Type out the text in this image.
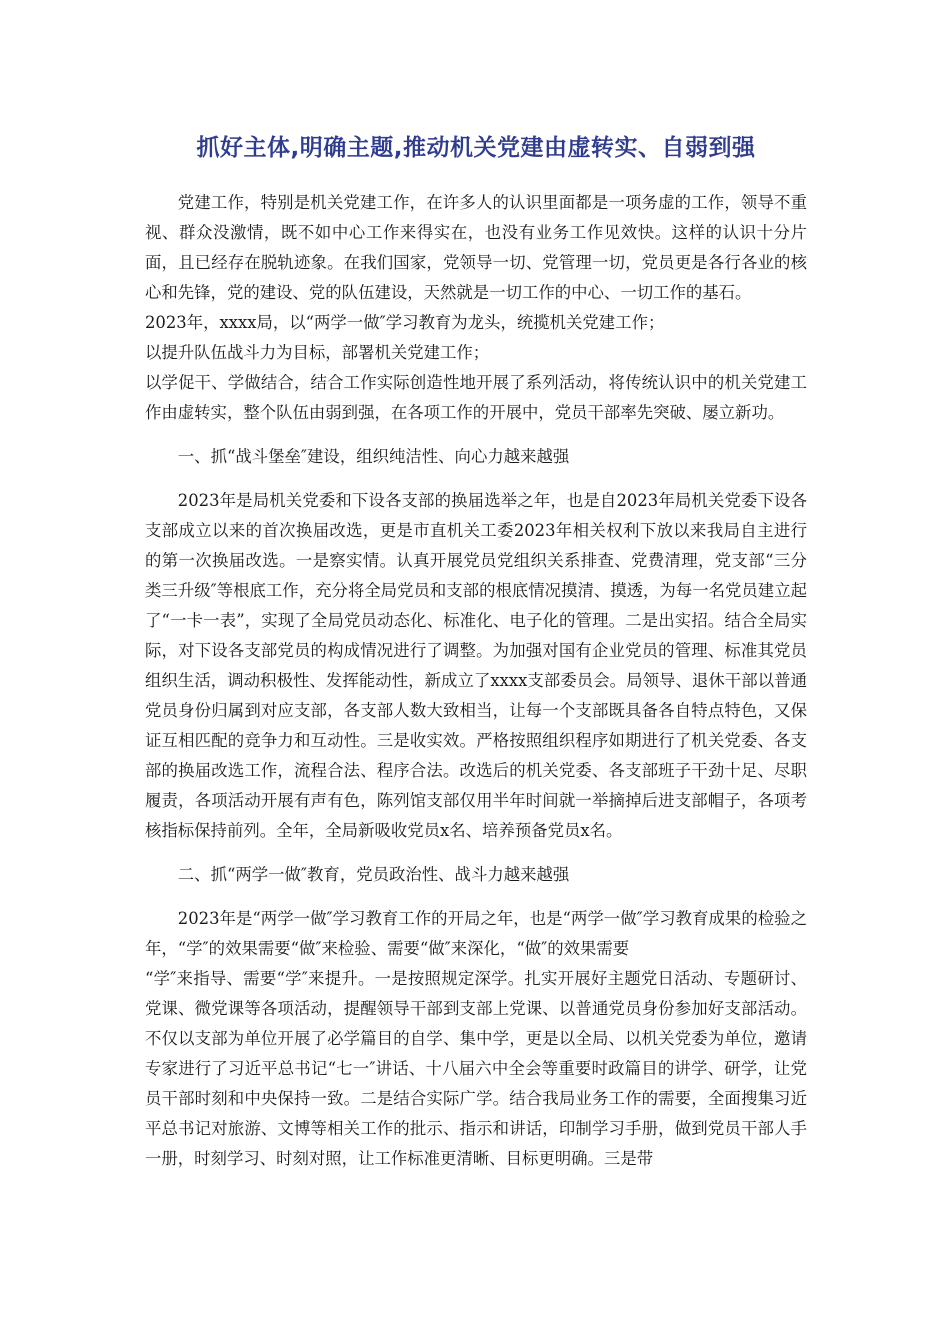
抓好主体,明确主题,推动机关党建由虚转实、自弱到强

党建工作，特别是机关党建工作，在许多人的认识里面都是一项务虚的工作，领导不重视、群众没激情，既不如中心工作来得实在，也没有业务工作见效快。这样的认识十分片面，且已经存在脱轨迹象。在我们国家，党领导一切、党管理一切，党员更是各行各业的核心和先锋，党的建设、党的队伍建设，天然就是一切工作的中心、一切工作的基石。

2023年，xxxx局，以“两学一做″学习教育为龙头，统揽机关党建工作；

以提升队伍战斗力为目标，部署机关党建工作；

以学促干、学做结合，结合工作实际创造性地开展了系列活动，将传统认识中的机关党建工作由虚转实，整个队伍由弱到强，在各项工作的开展中，党员干部率先突破、屡立新功。

一、抓“战斗堡垒″建设，组织纯洁性、向心力越来越强

2023年是局机关党委和下设各支部的换届选举之年，也是自2023年局机关党委下设各支部成立以来的首次换届改选，更是市直机关工委2023年相关权利下放以来我局自主进行的第一次换届改选。一是察实情。认真开展党员党组织关系排查、党费清理，党支部“三分类三升级″等根底工作，充分将全局党员和支部的根底情况摸清、摸透，为每一名党员建立起了“一卡一表”，实现了全局党员动态化、标准化、电子化的管理。二是出实招。结合全局实际，对下设各支部党员的构成情况进行了调整。为加强对国有企业党员的管理、标准其党员组织生活，调动积极性、发挥能动性，新成立了xxxx支部委员会。局领导、退休干部以普通党员身份归属到对应支部，各支部人数大致相当，让每一个支部既具备各自特点特色，又保证互相匹配的竞争力和互动性。三是收实效。严格按照组织程序如期进行了机关党委、各支部的换届改选工作，流程合法、程序合法。改选后的机关党委、各支部班子干劲十足、尽职履责，各项活动开展有声有色，陈列馆支部仅用半年时间就一举摘掉后进支部帽子，各项考核指标保持前列。全年，全局新吸收党员x名、培养预备党员x名。

二、抓“两学一做″教育，党员政治性、战斗力越来越强

2023年是“两学一做″学习教育工作的开局之年，也是“两学一做″学习教育成果的检验之年，“学″的效果需要“做″来检验、需要“做″来深化，“做″的效果需要

“学″来指导、需要“学″来提升。一是按照规定深学。扎实开展好主题党日活动、专题研讨、党课、微党课等各项活动，提醒领导干部到支部上党课、以普通党员身份参加好支部活动。不仅以支部为单位开展了必学篇目的自学、集中学，更是以全局、以机关党委为单位，邀请专家进行了习近平总书记“七一″讲话、十八届六中全会等重要时政篇目的讲学、研学，让党员干部时刻和中央保持一致。二是结合实际广学。结合我局业务工作的需要，全面搜集习近平总书记对旅游、文博等相关工作的批示、指示和讲话，印制学习手册，做到党员干部人手一册，时刻学习、时刻对照，让工作标准更清晰、目标更明确。三是带
